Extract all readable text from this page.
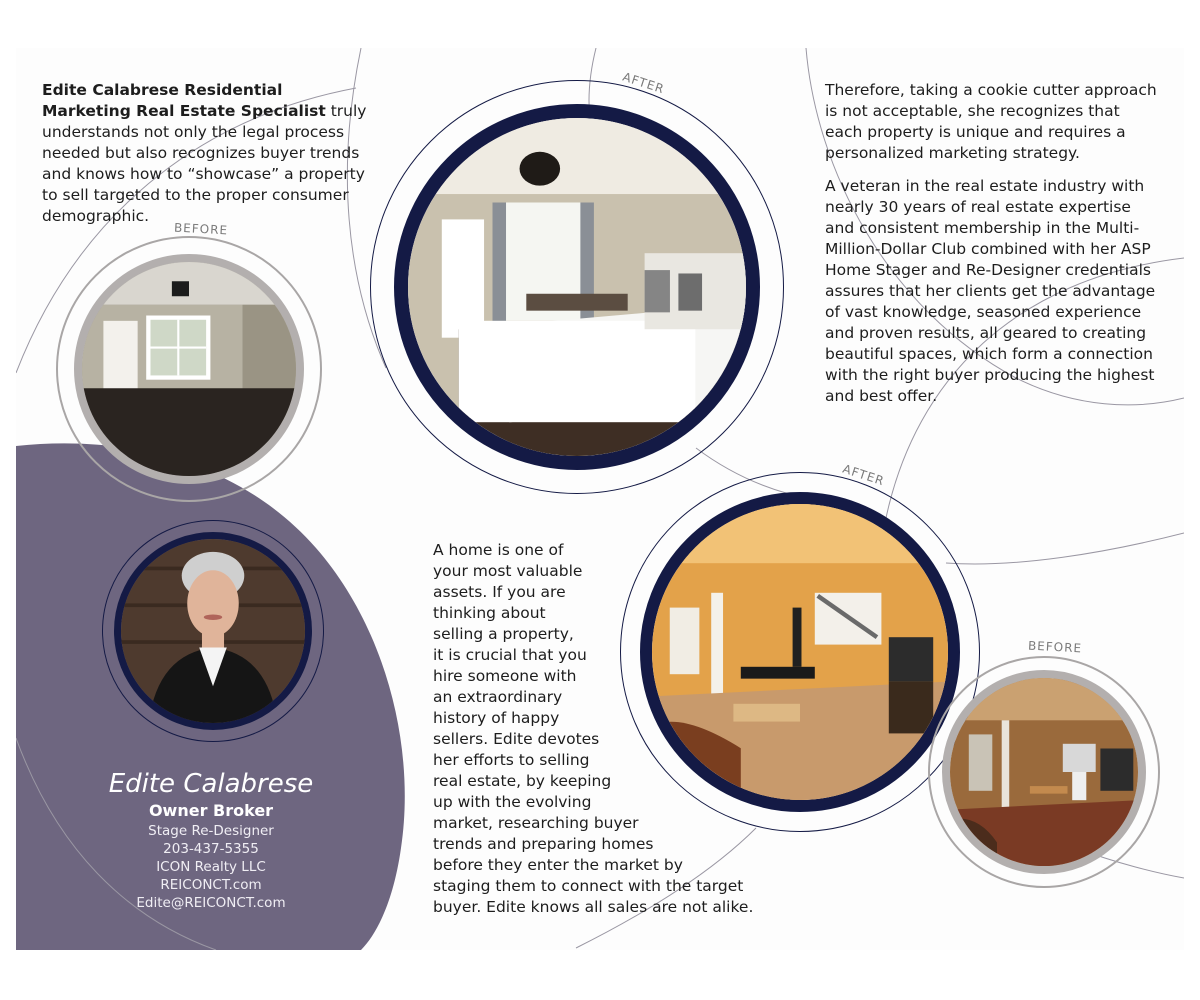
Edite Calabrese Residential Marketing Real Estate Specialist truly understands not only the legal process needed but also recognizes buyer trends and knows how to “showcase” a property to sell targeted to the proper consumer demographic.

Therefore, taking a cookie cutter approach is not acceptable, she recognizes that each property is unique and requires a personalized marketing strategy.

A veteran in the real estate industry with nearly 30 years of real estate expertise and consistent membership in the Multi-Million-Dollar Club combined with her ASP Home Stager and Re-Designer credentials assures that her clients get the advantage of vast knowledge, seasoned experience and proven results, all geared to creating beautiful spaces, which form a connection with the right buyer producing the highest and best offer.

A home is one of
your most valuable
assets. If you are
thinking about
selling a property,
it is crucial that you
hire someone with
an extraordinary
history of happy
sellers. Edite devotes
her efforts to selling
real estate, by keeping
up with the evolving
market, researching buyer
trends and preparing homes
before they enter the market by
staging them to connect with the target
buyer. Edite knows all sales are not alike.
BEFORE
AFTER
AFTER
BEFORE
Edite Calabrese
Owner Broker
Stage Re-Designer
203-437-5355
ICON Realty LLC
REICONCT.com
Edite@REICONCT.com
